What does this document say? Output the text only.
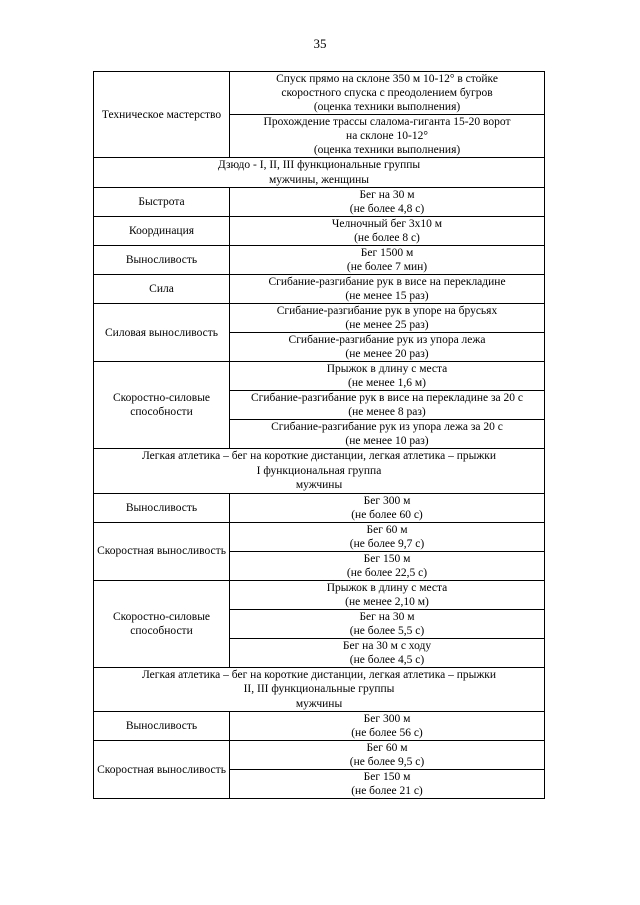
35
Техническое мастерство	Спуск прямо на склоне 350 м 10-12° в стойке
скоростного спуска с преодолением бугров
(оценка техники выполнения)

	Прохождение трассы слалома-гиганта 15-20 ворот
на склоне 10-12°
(оценка техники выполнения)

Дзюдо - I, II, III функциональные группы
мужчины, женщины	

Быстрота	Бег на 30 м
(не более 4,8 с)

Координация	Челночный бег 3x10 м
(не более 8 с)

Выносливость	Бег 1500 м
(не более 7 мин)

Сила	Сгибание-разгибание рук в висе на перекладине
(не менее 15 раз)

Силовая выносливость	Сгибание-разгибание рук в упоре на брусьях
(не менее 25 раз)

	Сгибание-разгибание рук из упора лежа
(не менее 20 раз)

Скоростно-силовые способности	Прыжок в длину с места
(не менее 1,6 м)

	Сгибание-разгибание рук в висе на перекладине за 20 с
(не менее 8 раз)

	Сгибание-разгибание рук из упора лежа за 20 с
(не менее 10 раз)

Легкая атлетика – бег на короткие дистанции, легкая атлетика – прыжки
I функциональная группа
мужчины	

Выносливость	Бег 300 м
(не более 60 с)

Скоростная выносливость	Бег 60 м
(не более 9,7 с)

	Бег 150 м
(не более 22,5 с)

Скоростно-силовые способности	Прыжок в длину с места
(не менее 2,10 м)

	Бег на 30 м
(не более 5,5 с)

	Бег на 30 м с ходу
(не более 4,5 с)

Легкая атлетика – бег на короткие дистанции, легкая атлетика – прыжки
II, III функциональные группы
мужчины	

Выносливость	Бег 300 м
(не более 56 с)

Скоростная выносливость	Бег 60 м
(не более 9,5 с)

	Бег 150 м
(не более 21 с)
